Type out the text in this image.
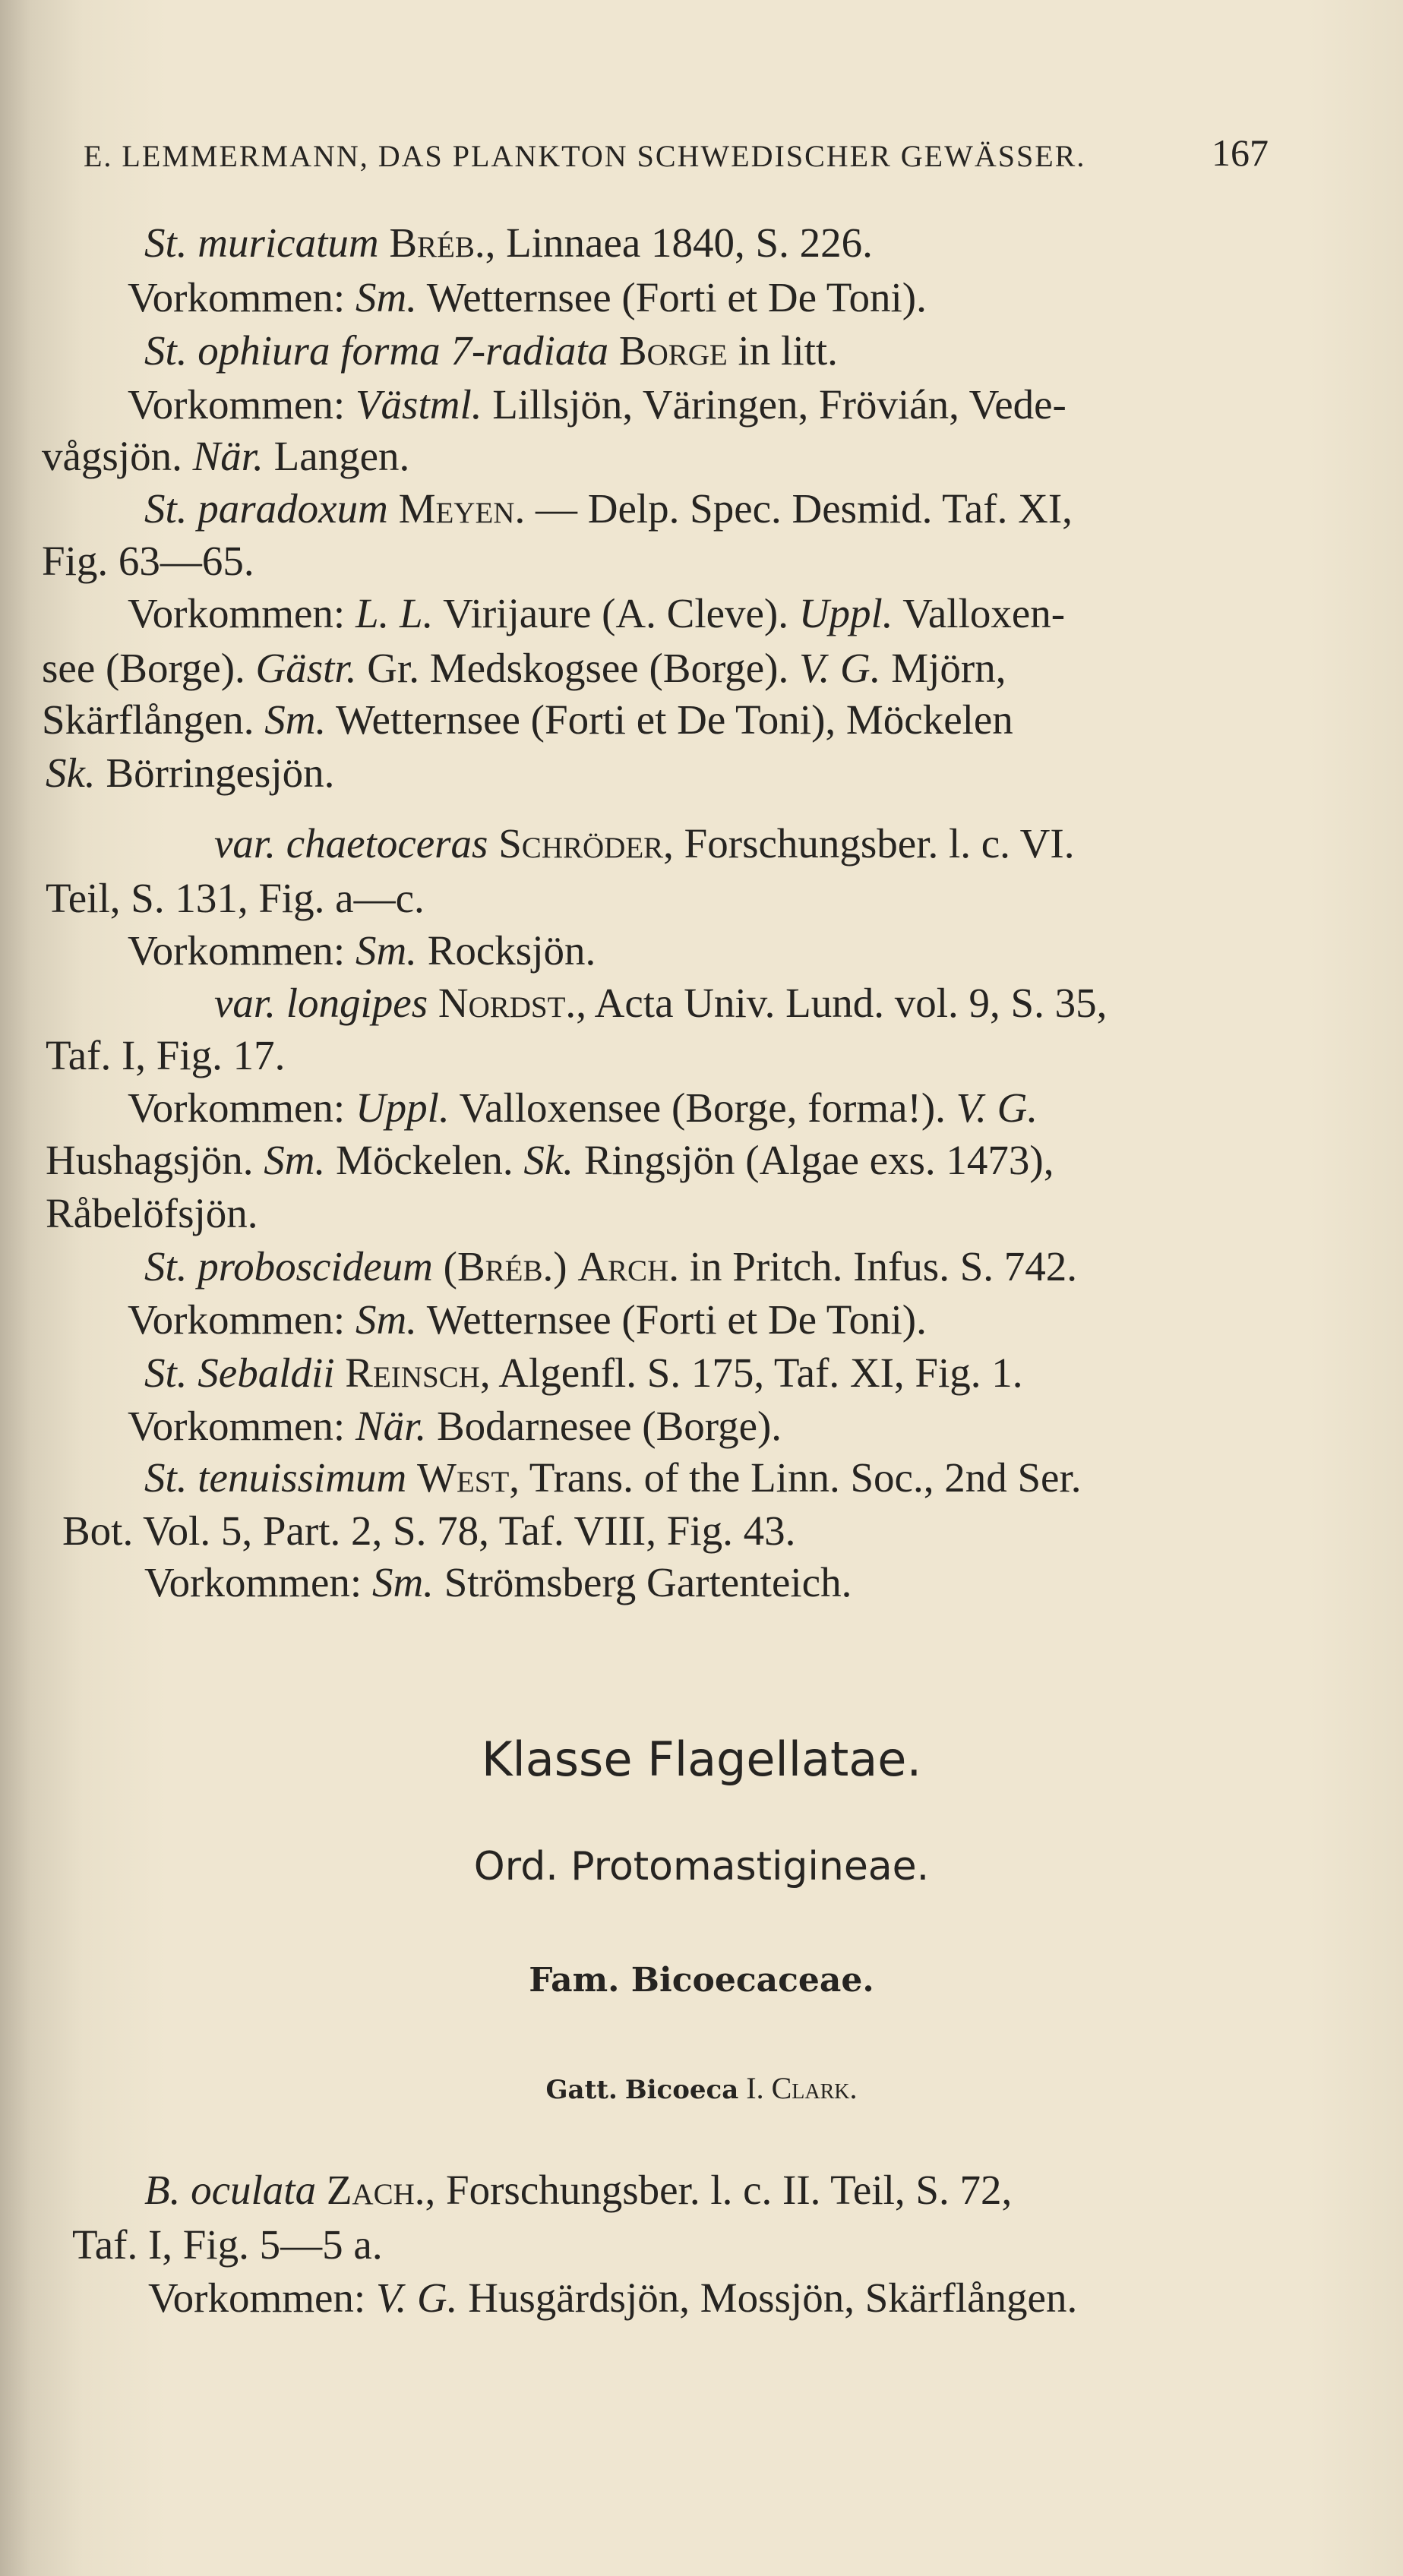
E. LEMMERMANN, DAS PLANKTON SCHWEDISCHER GEWÄSSER.	167
St. muricatum Bréb., Linnaea 1840, S. 226.
Vorkommen: Sm. Wetternsee (Forti et De Toni).
St. ophiura forma 7-radiata Borge in litt.
Vorkommen: Västml. Lillsjön, Väringen, Frövián, Vede-
vågsjön. När. Langen.
St. paradoxum Meyen. — Delp. Spec. Desmid. Taf. XI,
Fig. 63—65.
Vorkommen: L. L. Virijaure (A. Cleve). Uppl. Valloxen-
see (Borge). Gästr. Gr. Medskogsee (Borge). V. G. Mjörn,
Skärflången. Sm. Wetternsee (Forti et De Toni), Möckelen
Sk. Börringesjön.
var. chaetoceras Schröder, Forschungsber. l. c. VI.
Teil, S. 131, Fig. a—c.
Vorkommen: Sm. Rocksjön.
var. longipes Nordst., Acta Univ. Lund. vol. 9, S. 35,
Taf. I, Fig. 17.
Vorkommen: Uppl. Valloxensee (Borge, forma!). V. G.
Hushagsjön. Sm. Möckelen. Sk. Ringsjön (Algae exs. 1473),
Råbelöfsjön.
St. proboscideum (Bréb.) Arch. in Pritch. Infus. S. 742.
Vorkommen: Sm. Wetternsee (Forti et De Toni).
St. Sebaldii Reinsch, Algenfl. S. 175, Taf. XI, Fig. 1.
Vorkommen: När. Bodarnesee (Borge).
St. tenuissimum West, Trans. of the Linn. Soc., 2nd Ser.
Bot. Vol. 5, Part. 2, S. 78, Taf. VIII, Fig. 43.
Vorkommen: Sm. Strömsberg Gartenteich.
Klasse Flagellatae.
Ord. Protomastigineae.
Fam. Bicoecaceae.
Gatt. Bicoeca I. Clark.
B. oculata Zach., Forschungsber. l. c. II. Teil, S. 72,
Taf. I, Fig. 5—5 a.
Vorkommen: V. G. Husgärdsjön, Mossjön, Skärflången.
